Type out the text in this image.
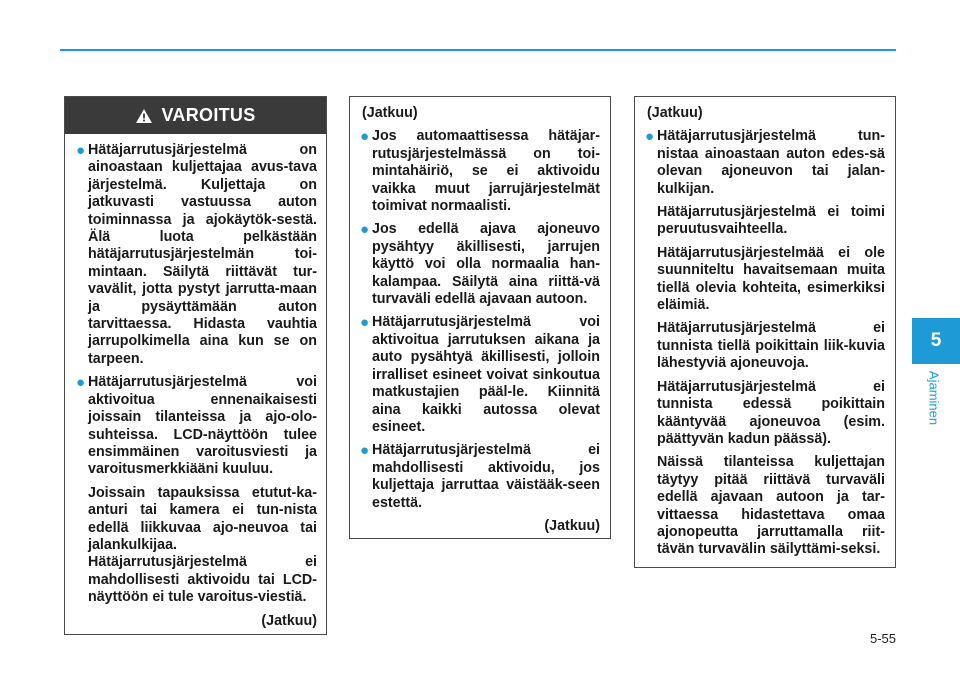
5
Ajaminen
VAROITUS
● Hätäjarrutusjärjestelmä on ainoastaan kuljettajaa avus-tava järjestelmä. Kuljettaja on jatkuvasti vastuussa auton toiminnassa ja ajokäytök-sestä. Älä luota pelkästään hätäjarrutusjärjestelmän toi-mintaan. Säilytä riittävät tur-vavälit, jotta pystyt jarrutta-maan ja pysäyttämään auton tarvittaessa. Hidasta vauhtia jarrupolkimella aina kun se on tarpeen.
● Hätäjarrutusjärjestelmä voi aktivoitua ennenaikaisesti joissain tilanteissa ja ajo-olo-suhteissa. LCD-näyttöön tulee ensimmäinen varoitusviesti ja varoitusmerkkiääni kuuluu.
Joissain tapauksissa etutut-ka-anturi tai kamera ei tun-nista edellä liikkuvaa ajo-neuvoa tai jalankulkijaa. Hätäjarrutusjärjestelmä ei mahdollisesti aktivoidu tai LCD-näyttöön ei tule varoitus-viestiä.
(Jatkuu)
(Jatkuu)
● Jos automaattisessa hätäjar-rutusjärjestelmässä on toi-mintahäiriö, se ei aktivoidu vaikka muut jarrujärjestelmät toimivat normaalisti.
● Jos edellä ajava ajoneuvo pysähtyy äkillisesti, jarrujen käyttö voi olla normaalia han-kalampaa. Säilytä aina riittä-vä turvaväli edellä ajavaan autoon.
● Hätäjarrutusjärjestelmä voi aktivoitua jarrutuksen aikana ja auto pysähtyä äkillisesti, jolloin irralliset esineet voivat sinkoutua matkustajien pääl-le. Kiinnitä aina kaikki autossa olevat esineet.
● Hätäjarrutusjärjestelmä ei mahdollisesti aktivoidu, jos kuljettaja jarruttaa väistääk-seen estettä.
(Jatkuu)
(Jatkuu)
● Hätäjarrutusjärjestelmä tun-nistaa ainoastaan auton edes-sä olevan ajoneuvon tai jalan-kulkijan.
Hätäjarrutusjärjestelmä ei toimi peruutusvaihteella.
Hätäjarrutusjärjestelmää ei ole suunniteltu havaitsemaan muita tiellä olevia kohteita, esimerkiksi eläimiä.
Hätäjarrutusjärjestelmä ei tunnista tiellä poikittain liik-kuvia lähestyviä ajoneuvoja.
Hätäjarrutusjärjestelmä ei tunnista edessä poikittain kääntyvää ajoneuvoa (esim. päättyvän kadun päässä).
Näissä tilanteissa kuljettajan täytyy pitää riittävä turvaväli edellä ajavaan autoon ja tar-vittaessa hidastettava omaa ajonopeutta jarruttamalla riit-tävän turvavälin säilyttämi-seksi.
5-55
